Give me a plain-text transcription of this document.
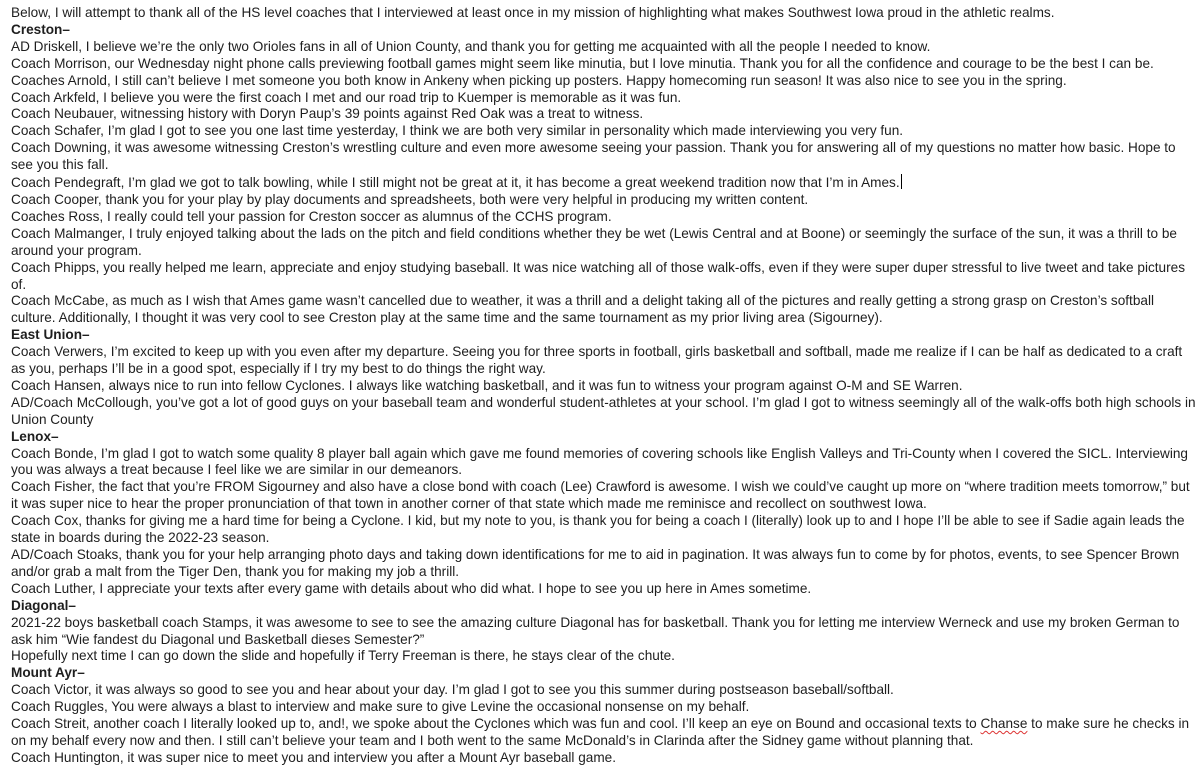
Below, I will attempt to thank all of the HS level coaches that I interviewed at least once in my mission of highlighting what makes Southwest Iowa proud in the athletic realms.
Creston–
AD Driskell, I believe we’re the only two Orioles fans in all of Union County, and thank you for getting me acquainted with all the people I needed to know.
Coach Morrison, our Wednesday night phone calls previewing football games might seem like minutia, but I love minutia. Thank you for all the confidence and courage to be the best I can be.
Coaches Arnold, I still can’t believe I met someone you both know in Ankeny when picking up posters. Happy homecoming run season! It was also nice to see you in the spring.
Coach Arkfeld, I believe you were the first coach I met and our road trip to Kuemper is memorable as it was fun.
Coach Neubauer, witnessing history with Doryn Paup’s 39 points against Red Oak was a treat to witness.
Coach Schafer, I’m glad I got to see you one last time yesterday, I think we are both very similar in personality which made interviewing you very fun.
Coach Downing, it was awesome witnessing Creston’s wrestling culture and even more awesome seeing your passion. Thank you for answering all of my questions no matter how basic. Hope to see you this fall.
Coach Pendegraft, I’m glad we got to talk bowling, while I still might not be great at it, it has become a great weekend tradition now that I’m in Ames.
Coach Cooper, thank you for your play by play documents and spreadsheets, both were very helpful in producing my written content.
Coaches Ross, I really could tell your passion for Creston soccer as alumnus of the CCHS program.
Coach Malmanger, I truly enjoyed talking about the lads on the pitch and field conditions whether they be wet (Lewis Central and at Boone) or seemingly the surface of the sun, it was a thrill to be around your program.
Coach Phipps, you really helped me learn, appreciate and enjoy studying baseball. It was nice watching all of those walk-offs, even if they were super duper stressful to live tweet and take pictures of.
Coach McCabe, as much as I wish that Ames game wasn’t cancelled due to weather, it was a thrill and a delight taking all of the pictures and really getting a strong grasp on Creston’s softball culture. Additionally, I thought it was very cool to see Creston play at the same time and the same tournament as my prior living area (Sigourney).
East Union–
Coach Verwers, I’m excited to keep up with you even after my departure. Seeing you for three sports in football, girls basketball and softball, made me realize if I can be half as dedicated to a craft as you, perhaps I’ll be in a good spot, especially if I try my best to do things the right way.
Coach Hansen, always nice to run into fellow Cyclones. I always like watching basketball, and it was fun to witness your program against O-M and SE Warren.
AD/Coach McCollough, you’ve got a lot of good guys on your baseball team and wonderful student-athletes at your school. I’m glad I got to witness seemingly all of the walk-offs both high schools in Union County
Lenox–
Coach Bonde, I’m glad I got to watch some quality 8 player ball again which gave me found memories of covering schools like English Valleys and Tri-County when I covered the SICL. Interviewing you was always a treat because I feel like we are similar in our demeanors.
Coach Fisher, the fact that you’re FROM Sigourney and also have a close bond with coach (Lee) Crawford is awesome. I wish we could’ve caught up more on “where tradition meets tomorrow,” but it was super nice to hear the proper pronunciation of that town in another corner of that state which made me reminisce and recollect on southwest Iowa.
Coach Cox, thanks for giving me a hard time for being a Cyclone. I kid, but my note to you, is thank you for being a coach I (literally) look up to and I hope I’ll be able to see if Sadie again leads the state in boards during the 2022-23 season.
AD/Coach Stoaks, thank you for your help arranging photo days and taking down identifications for me to aid in pagination. It was always fun to come by for photos, events, to see Spencer Brown and/or grab a malt from the Tiger Den, thank you for making my job a thrill.
Coach Luther, I appreciate your texts after every game with details about who did what. I hope to see you up here in Ames sometime.
Diagonal–
2021-22 boys basketball coach Stamps, it was awesome to see to see the amazing culture Diagonal has for basketball. Thank you for letting me interview Werneck and use my broken German to ask him “Wie fandest du Diagonal und Basketball dieses Semester?”
Hopefully next time I can go down the slide and hopefully if Terry Freeman is there, he stays clear of the chute.
Mount Ayr–
Coach Victor, it was always so good to see you and hear about your day. I’m glad I got to see you this summer during postseason baseball/softball.
Coach Ruggles, You were always a blast to interview and make sure to give Levine the occasional nonsense on my behalf.
Coach Streit, another coach I literally looked up to, and!, we spoke about the Cyclones which was fun and cool. I’ll keep an eye on Bound and occasional texts to Chanse to make sure he checks in on my behalf every now and then. I still can’t believe your team and I both went to the same McDonald’s in Clarinda after the Sidney game without planning that.
Coach Huntington, it was super nice to meet you and interview you after a Mount Ayr baseball game.
